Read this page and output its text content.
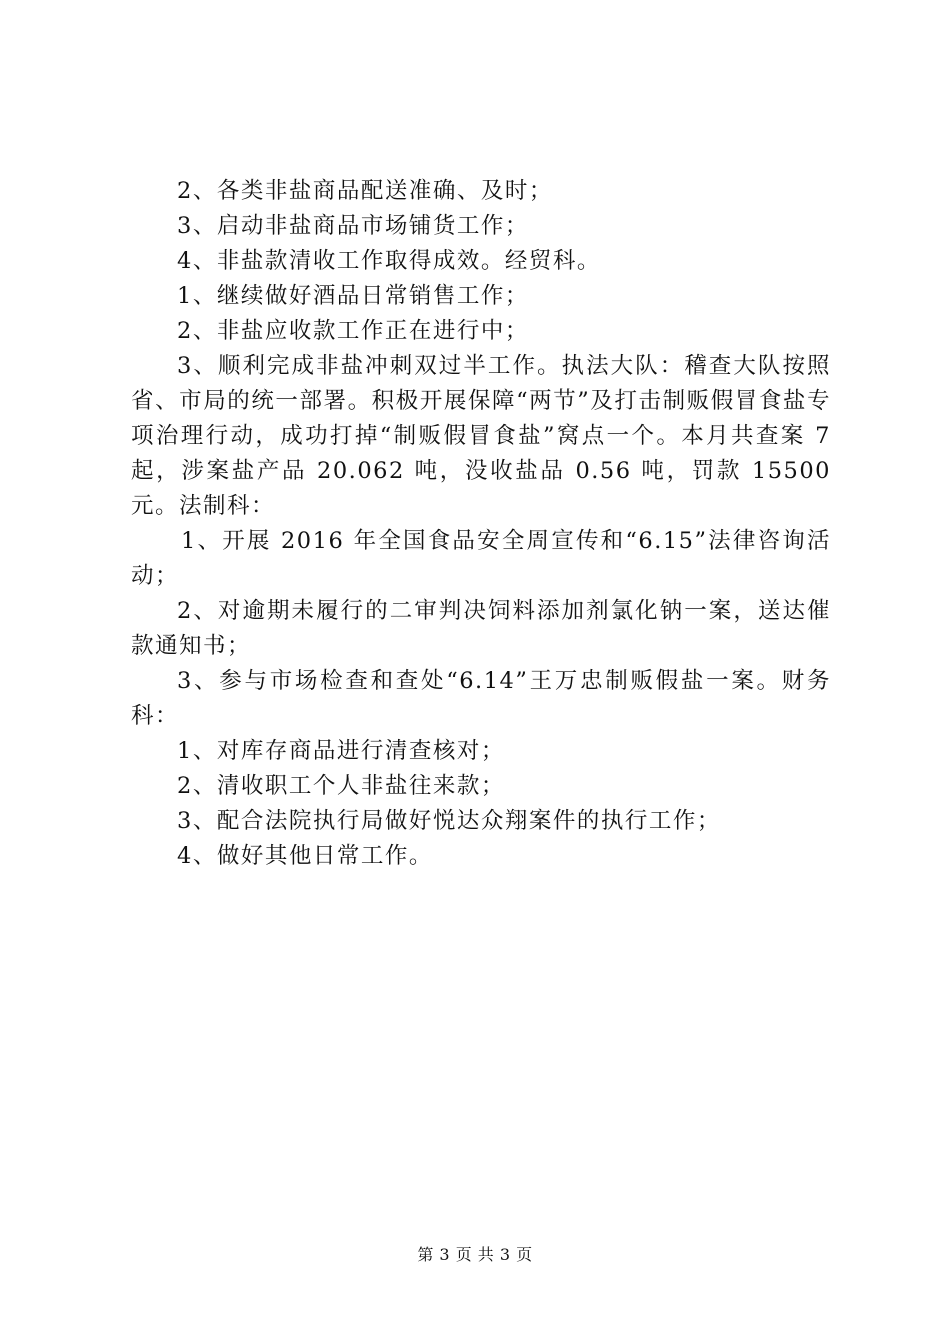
2、各类非盐商品配送准确、及时；

3、启动非盐商品市场铺货工作；

4、非盐款清收工作取得成效。经贸科。

1、继续做好酒品日常销售工作；

2、非盐应收款工作正在进行中；

3、顺利完成非盐冲刺双过半工作。执法大队：稽查大队按照省、市局的统一部署。积极开展保障“两节”及打击制贩假冒食盐专项治理行动，成功打掉“制贩假冒食盐”窝点一个。本月共查案 7 起，涉案盐产品 20.062 吨，没收盐品 0.56 吨，罚款 15500 元。法制科：

1、开展 2016 年全国食品安全周宣传和“6.15”法律咨询活动；

2、对逾期未履行的二审判决饲料添加剂氯化钠一案，送达催款通知书；

3、参与市场检查和查处“6.14”王万忠制贩假盐一案。财务科：

1、对库存商品进行清查核对；

2、清收职工个人非盐往来款；

3、配合法院执行局做好悦达众翔案件的执行工作；

4、做好其他日常工作。

第 3 页 共 3 页
